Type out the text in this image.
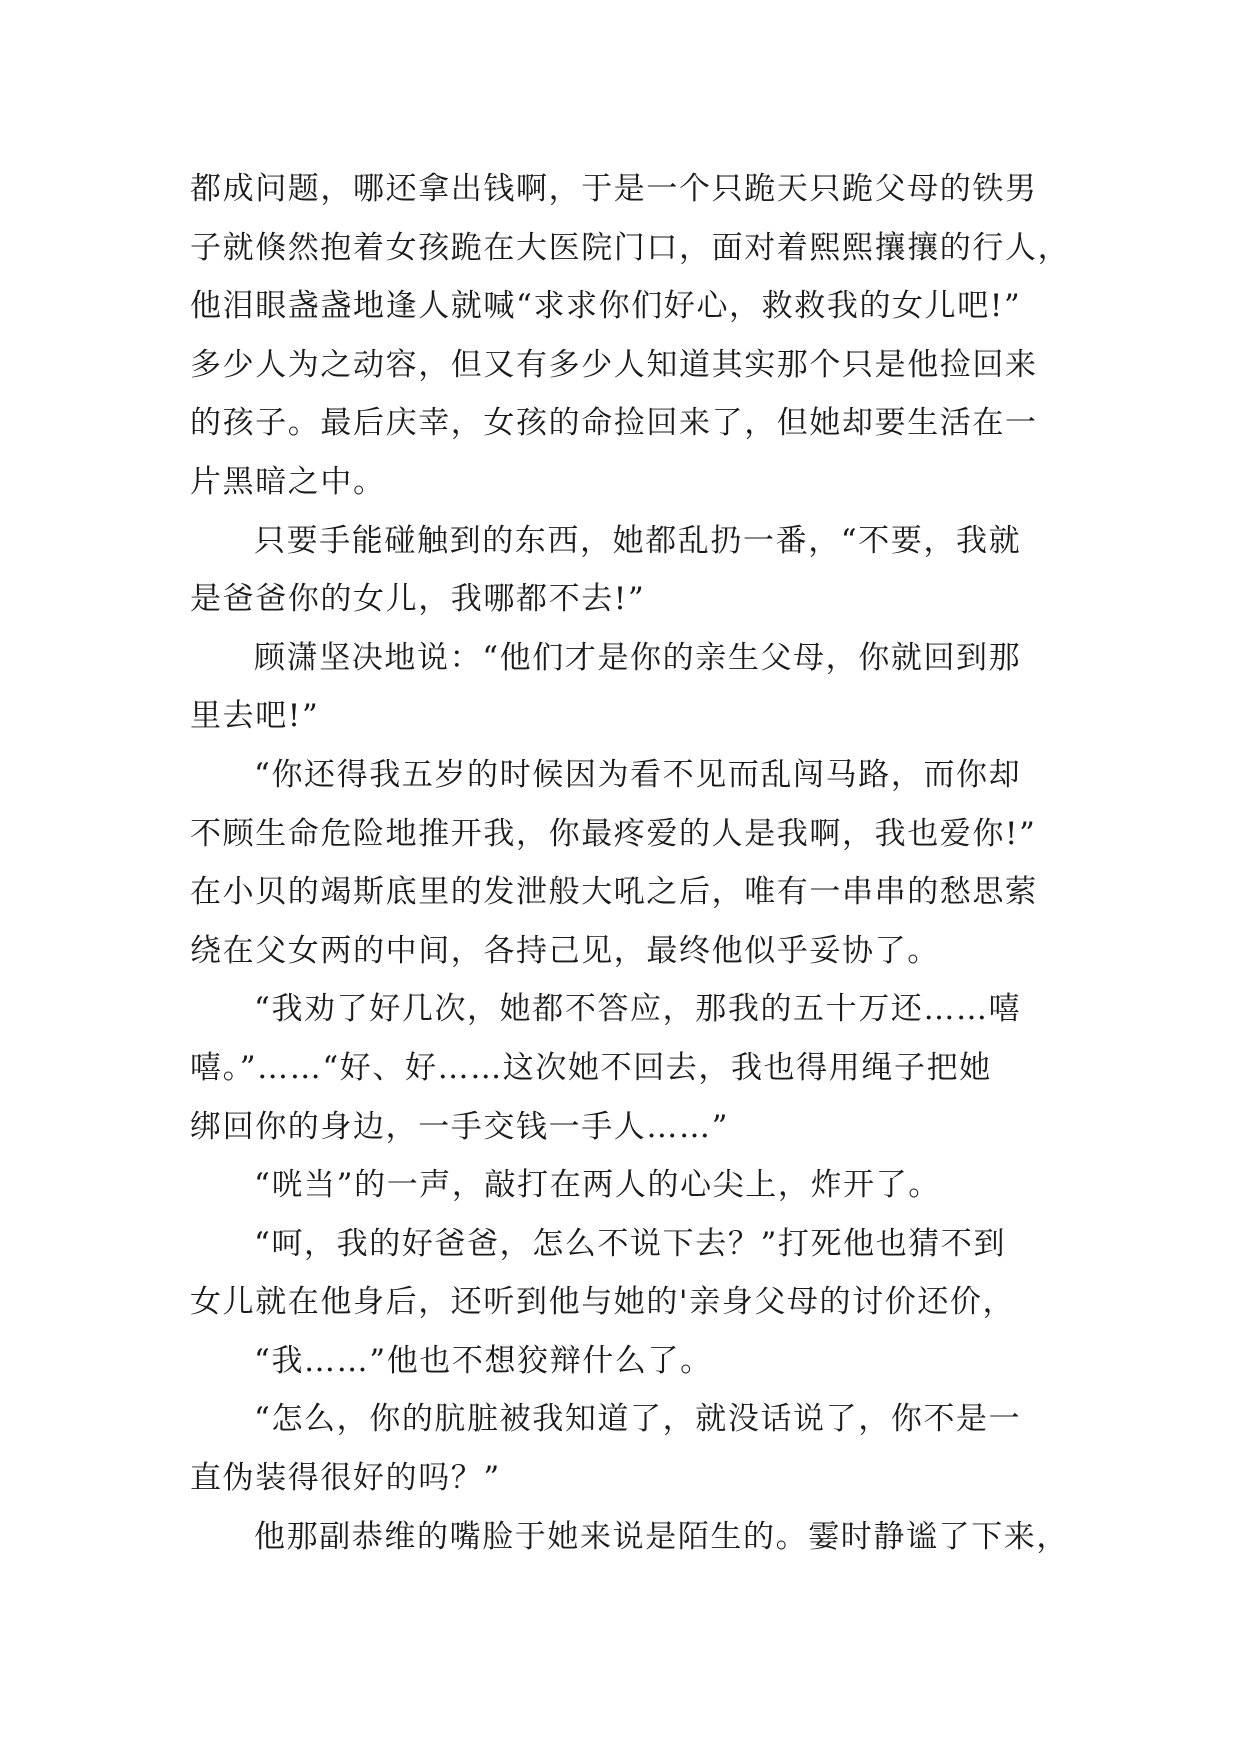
都成问题，哪还拿出钱啊，于是一个只跪天只跪父母的铁男
子就倏然抱着女孩跪在大医院门口，面对着熙熙攘攘的行人，
他泪眼盏盏地逢人就喊“求求你们好心，救救我的女儿吧!”
多少人为之动容，但又有多少人知道其实那个只是他捡回来
的孩子。最后庆幸，女孩的命捡回来了，但她却要生活在一
片黑暗之中。
只要手能碰触到的东西，她都乱扔一番，“不要，我就
是爸爸你的女儿，我哪都不去!”
顾潇坚决地说：“他们才是你的亲生父母，你就回到那
里去吧!”
“你还得我五岁的时候因为看不见而乱闯马路，而你却
不顾生命危险地推开我，你最疼爱的人是我啊，我也爱你!”
在小贝的竭斯底里的发泄般大吼之后，唯有一串串的愁思萦
绕在父女两的中间，各持己见，最终他似乎妥协了。
“我劝了好几次，她都不答应，那我的五十万还……嘻
嘻。”……“好、好……这次她不回去，我也得用绳子把她
绑回你的身边，一手交钱一手人……”
“咣当”的一声，敲打在两人的心尖上，炸开了。
“呵，我的好爸爸，怎么不说下去？”打死他也猜不到
女儿就在他身后，还听到他与她的'亲身父母的讨价还价，
“我……”他也不想狡辩什么了。
“怎么，你的肮脏被我知道了，就没话说了，你不是一
直伪装得很好的吗？”
他那副恭维的嘴脸于她来说是陌生的。霎时静谧了下来，
